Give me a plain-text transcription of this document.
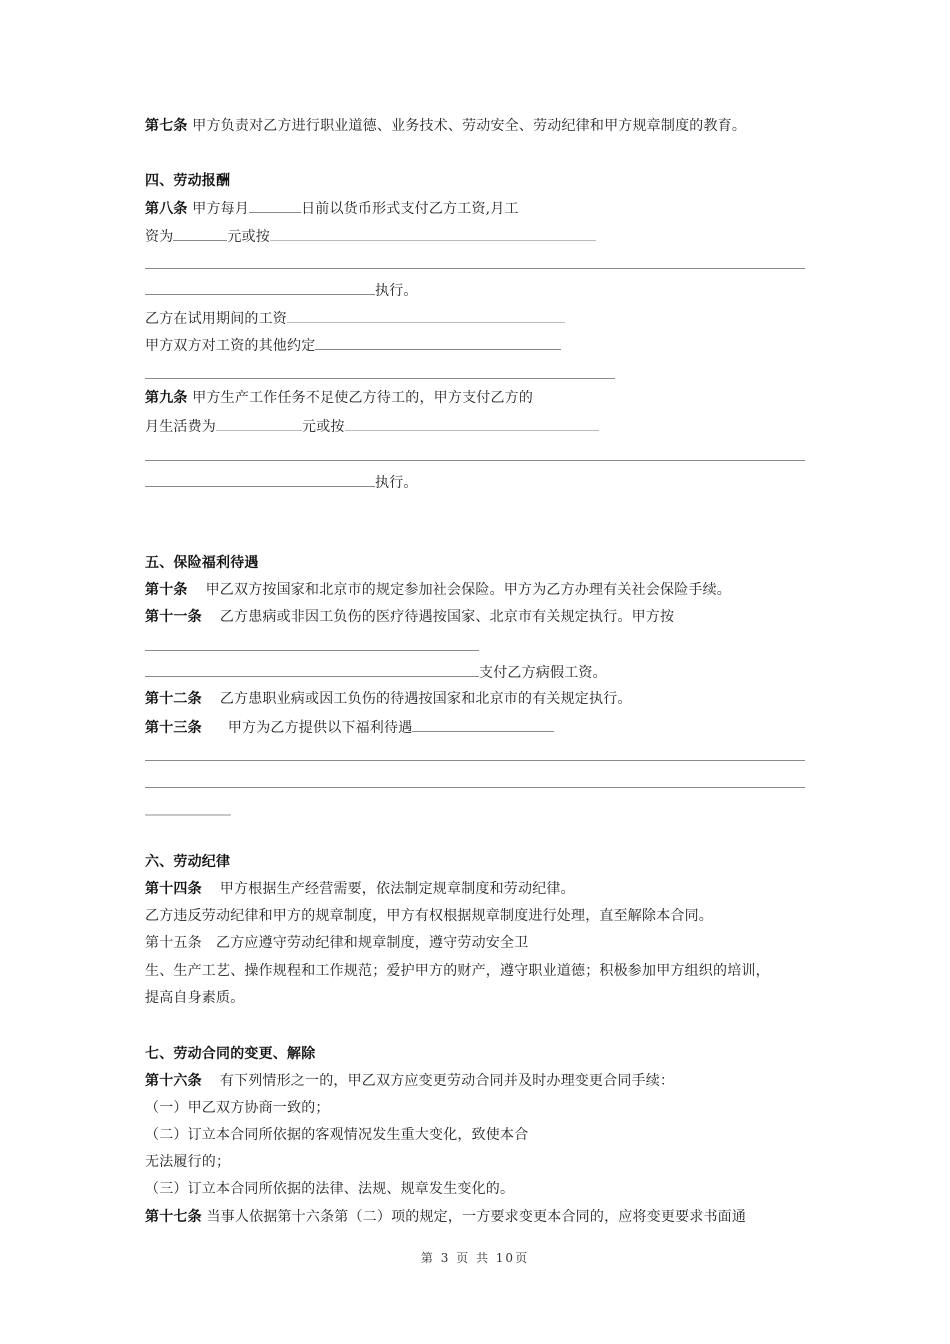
第七条 甲方负责对乙方进行职业道德、业务技术、劳动安全、劳动纪律和甲方规章制度的教育。
四、劳动报酬
第八条 甲方每月	日前以货币形式支付乙方工资,月工
资为	元或按
执行。
乙方在试用期间的工资
甲方双方对工资的其他约定
第九条 甲方生产工作任务不足使乙方待工的，甲方支付乙方的
月生活费为	元或按
执行。
五、保险福利待遇
第十条 甲乙双方按国家和北京市的规定参加社会保险。甲方为乙方办理有关社会保险手续。
第十一条 乙方患病或非因工负伤的医疗待遇按国家、北京市有关规定执行。甲方按
支付乙方病假工资。
第十二条 乙方患职业病或因工负伤的待遇按国家和北京市的有关规定执行。
第十三条 甲方为乙方提供以下福利待遇
六、劳动纪律
第十四条 甲方根据生产经营需要，依法制定规章制度和劳动纪律。
乙方违反劳动纪律和甲方的规章制度，甲方有权根据规章制度进行处理，直至解除本合同。
第十五条　乙方应遵守劳动纪律和规章制度，遵守劳动安全卫
生、生产工艺、操作规程和工作规范；爱护甲方的财产，遵守职业道德；积极参加甲方组织的培训，
提高自身素质。
七、劳动合同的变更、解除
第十六条 有下列情形之一的，甲乙双方应变更劳动合同并及时办理变更合同手续：
（一）甲乙双方协商一致的；
（二）订立本合同所依据的客观情况发生重大变化，致使本合
无法履行的；
（三）订立本合同所依据的法律、法规、规章发生变化的。
第十七条 当事人依据第十六条第（二）项的规定，一方要求变更本合同的，应将变更要求书面通
第 3 页 共 10页
